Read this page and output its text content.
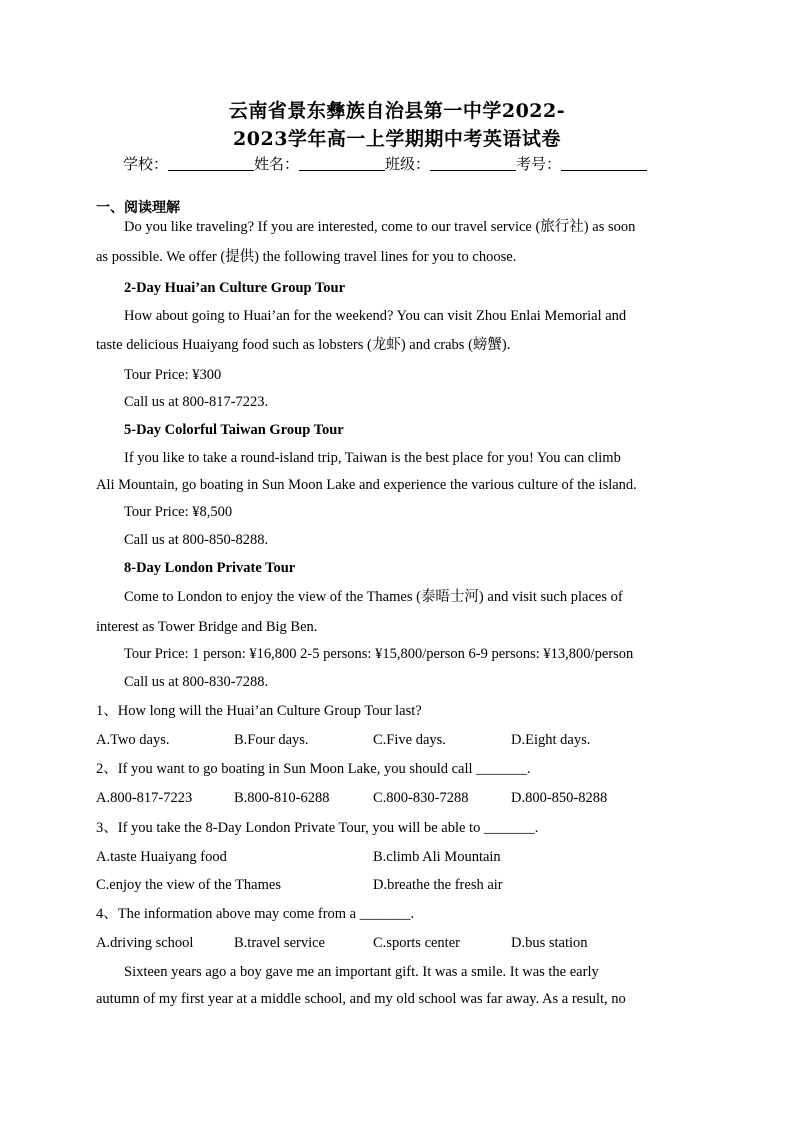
云南省景东彝族自治县第一中学2022-
2023学年高一上学期期中考英语试卷
学校：	姓名：	班级：	考号：
一、阅读理解
Do you like traveling? If you are interested, come to our travel service (旅行社) as soon
as possible. We offer (提供) the following travel lines for you to choose.
2-Day Huai’an Culture Group Tour
How about going to Huai’an for the weekend? You can visit Zhou Enlai Memorial and
taste delicious Huaiyang food such as lobsters (龙虾) and crabs (螃蟹).
Tour Price: ¥300
Call us at 800-817-7223.
5-Day Colorful Taiwan Group Tour
If you like to take a round-island trip, Taiwan is the best place for you! You can climb
Ali Mountain, go boating in Sun Moon Lake and experience the various culture of the island.
Tour Price: ¥8,500
Call us at 800-850-8288.
8-Day London Private Tour
Come to London to enjoy the view of the Thames (泰晤士河) and visit such places of
interest as Tower Bridge and Big Ben.
Tour Price: 1 person: ¥16,800 2-5 persons: ¥15,800/person 6-9 persons: ¥13,800/person
Call us at 800-830-7288.
1、How long will the Huai’an Culture Group Tour last?
A.Two days.	B.Four days.	C.Five days.	D.Eight days.
2、If you want to go boating in Sun Moon Lake, you should call _______.
A.800-817-7223	B.800-810-6288	C.800-830-7288	D.800-850-8288
3、If you take the 8-Day London Private Tour, you will be able to _______.
A.taste Huaiyang food	B.climb Ali Mountain
C.enjoy the view of the Thames	D.breathe the fresh air
4、The information above may come from a _______.
A.driving school	B.travel service	C.sports center	D.bus station
Sixteen years ago a boy gave me an important gift. It was a smile. It was the early
autumn of my first year at a middle school, and my old school was far away. As a result, no
